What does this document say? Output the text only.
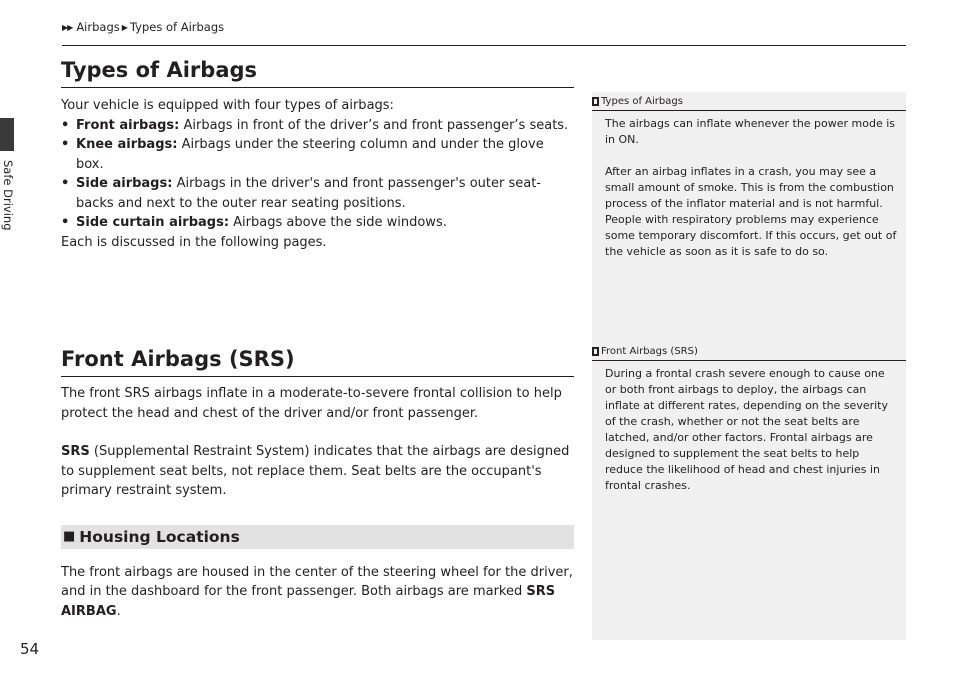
▶▶ Airbags ▶ Types of Airbags
Safe Driving
54
Types of Airbags

Your vehicle is equipped with four types of airbags:

• Front airbags: Airbags in front of the driver’s and front passenger’s seats.
• Knee airbags: Airbags under the steering column and under the glove box.
• Side airbags: Airbags in the driver's and front passenger's outer seat-backs and next to the outer rear seating positions.
• Side curtain airbags: Airbags above the side windows.

Each is discussed in the following pages.

Front Airbags (SRS)

The front SRS airbags inflate in a moderate-to-severe frontal collision to help protect the head and chest of the driver and/or front passenger.

SRS (Supplemental Restraint System) indicates that the airbags are designed to supplement seat belts, not replace them. Seat belts are the occupant's primary restraint system.

■ Housing Locations

The front airbags are housed in the center of the steering wheel for the driver, and in the dashboard for the front passenger. Both airbags are marked SRS AIRBAG.

Types of Airbags

The airbags can inflate whenever the power mode is in ON.

After an airbag inflates in a crash, you may see a small amount of smoke. This is from the combustion process of the inflator material and is not harmful. People with respiratory problems may experience some temporary discomfort. If this occurs, get out of the vehicle as soon as it is safe to do so.

Front Airbags (SRS)

During a frontal crash severe enough to cause one or both front airbags to deploy, the airbags can inflate at different rates, depending on the severity of the crash, whether or not the seat belts are latched, and/or other factors. Frontal airbags are designed to supplement the seat belts to help reduce the likelihood of head and chest injuries in frontal crashes.
